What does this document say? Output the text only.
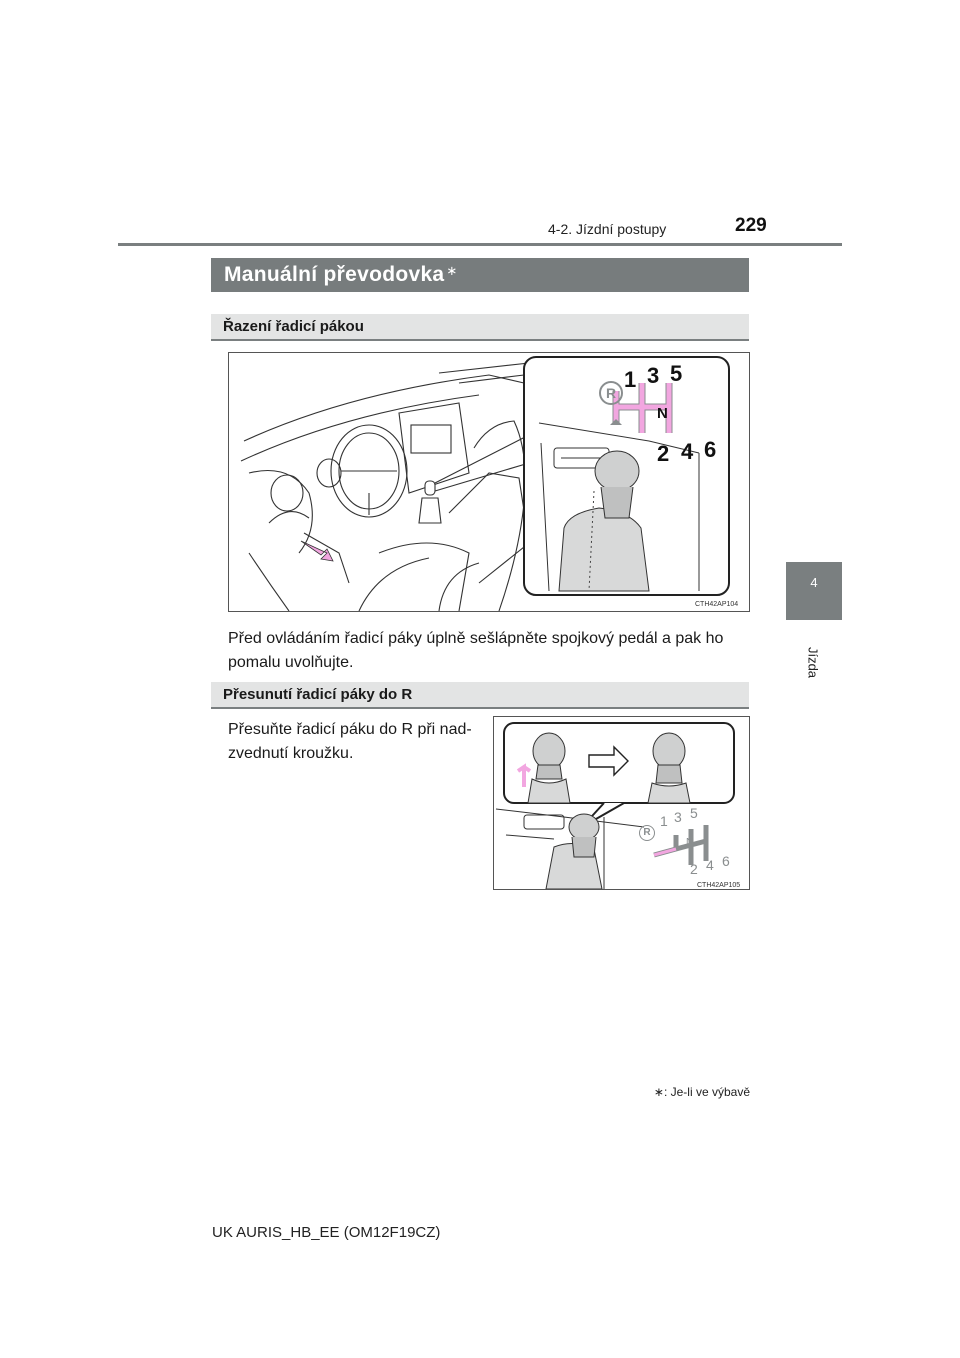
4-2. Jízdní postupy	229
4
Jízda
Manuální převodovka ∗
Řazení řadicí pákou
CTH42AP104
R
1 3 5
N
2 4 6
Před ovládáním řadicí páky úplně sešlápněte spojkový pedál a pak ho pomalu uvolňujte.
Přesunutí řadicí páky do R
Přesuňte řadicí páku do R při nad-
zvednutí kroužku.
CTH42AP105
R
1 3 5
N
2 4 6
∗: Je-li ve výbavě
UK AURIS_HB_EE (OM12F19CZ)
